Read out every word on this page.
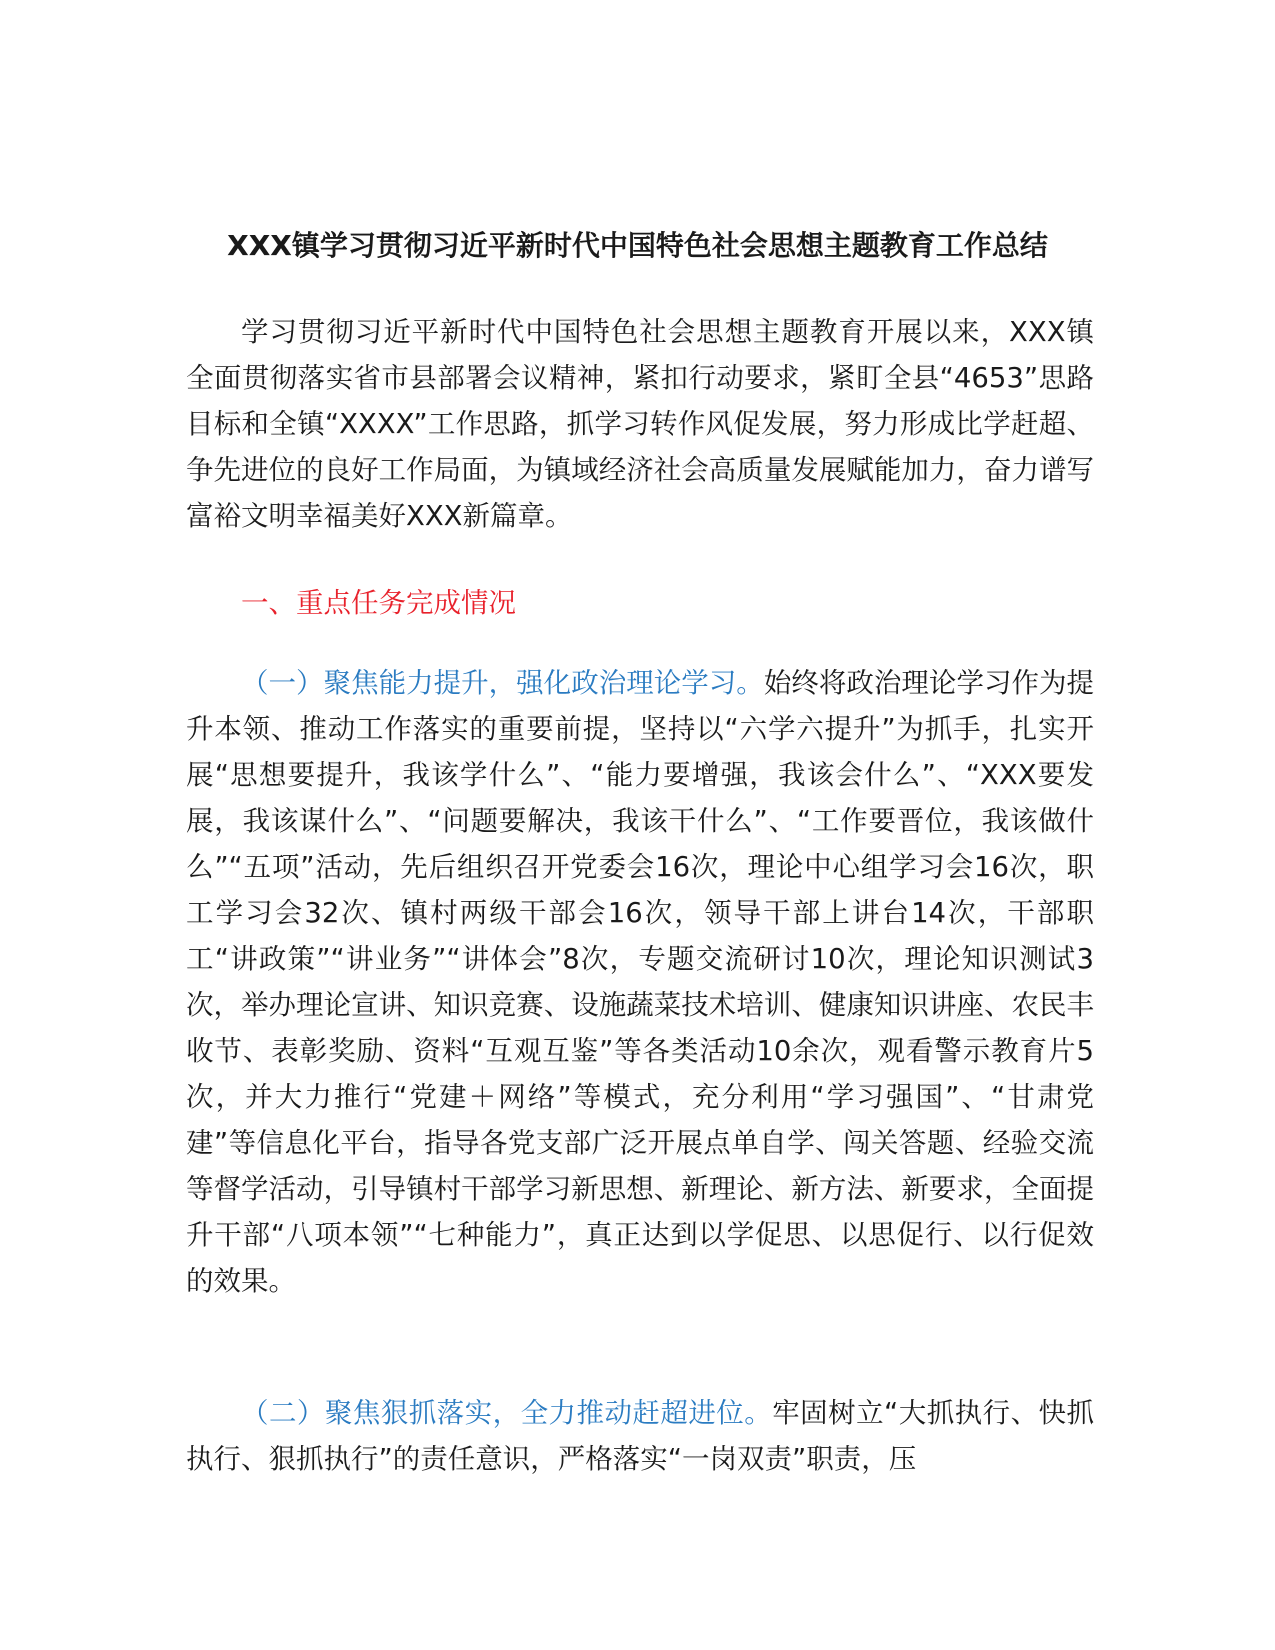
XXX镇学习贯彻习近平新时代中国特色社会思想主题教育工作总结

学习贯彻习近平新时代中国特色社会思想主题教育开展以来，XXX镇全面贯彻落实省市县部署会议精神，紧扣行动要求，紧盯全县“4653”思路目标和全镇“XXXX”工作思路，抓学习转作风促发展，努力形成比学赶超、争先进位的良好工作局面，为镇域经济社会高质量发展赋能加力，奋力谱写富裕文明幸福美好XXX新篇章。

一、重点任务完成情况

（一）聚焦能力提升，强化政治理论学习。始终将政治理论学习作为提升本领、推动工作落实的重要前提，坚持以“六学六提升”为抓手，扎实开展“思想要提升，我该学什么”、“能力要增强，我该会什么”、“XXX要发展，我该谋什么”、“问题要解决，我该干什么”、“工作要晋位，我该做什么”“五项”活动，先后组织召开党委会16次，理论中心组学习会16次，职工学习会32次、镇村两级干部会16次，领导干部上讲台14次，干部职工“讲政策”“讲业务”“讲体会”8次，专题交流研讨10次，理论知识测试3次，举办理论宣讲、知识竞赛、设施蔬菜技术培训、健康知识讲座、农民丰收节、表彰奖励、资料“互观互鉴”等各类活动10余次，观看警示教育片5次，并大力推行“党建＋网络”等模式，充分利用“学习强国”、“甘肃党建”等信息化平台，指导各党支部广泛开展点单自学、闯关答题、经验交流等督学活动，引导镇村干部学习新思想、新理论、新方法、新要求，全面提升干部“八项本领”“七种能力”，真正达到以学促思、以思促行、以行促效的效果。

（二）聚焦狠抓落实，全力推动赶超进位。牢固树立“大抓执行、快抓执行、狠抓执行”的责任意识，严格落实“一岗双责”职责，压
